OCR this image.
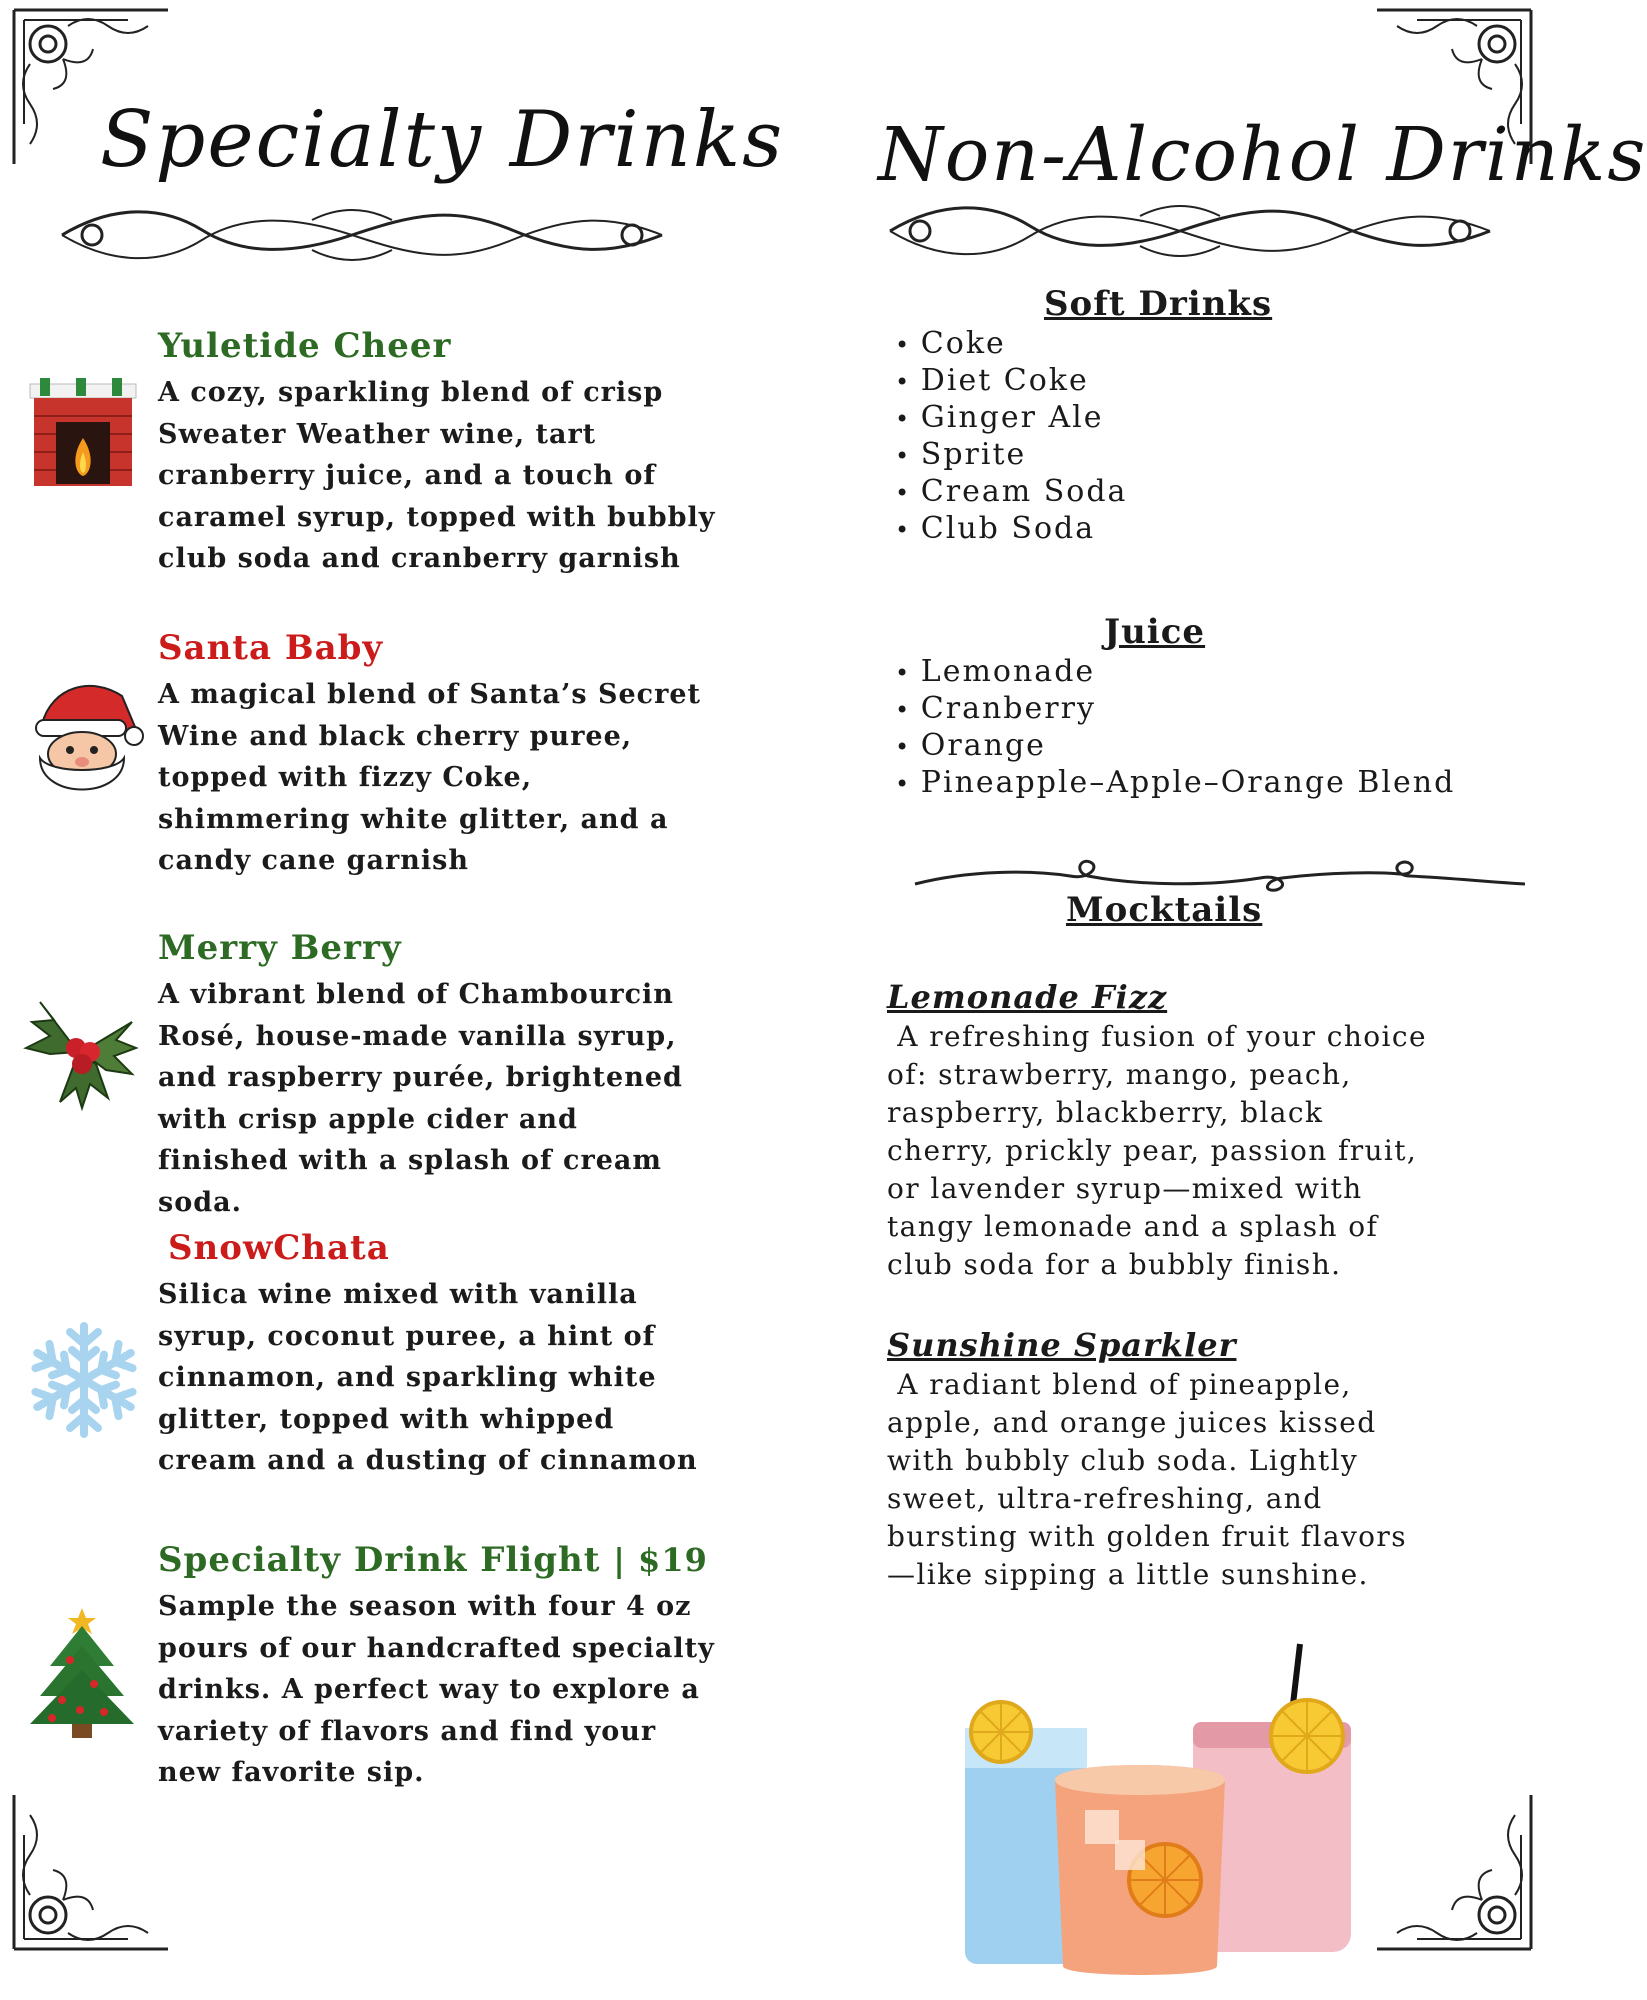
Specialty Drinks Non-Alcohol Drinks
Yuletide Cheer
A cozy, sparkling blend of crisp Sweater Weather wine, tart cranberry juice, and a touch of caramel syrup, topped with bubbly club soda and cranberry garnish
Santa Baby
A magical blend of Santa’s Secret Wine and black cherry puree, topped with fizzy Coke, shimmering white glitter, and a candy cane garnish
Merry Berry
A vibrant blend of Chambourcin Rosé, house-made vanilla syrup, and raspberry purée, brightened with crisp apple cider and finished with a splash of cream soda.
SnowChata
Silica wine mixed with vanilla syrup, coconut puree, a hint of cinnamon, and sparkling white glitter, topped with whipped cream and a dusting of cinnamon
Specialty Drink Flight | $19
Sample the season with four 4 oz pours of our handcrafted specialty drinks. A perfect way to explore a variety of flavors and find your new favorite sip.
Soft Drinks
• Coke
• Diet Coke
• Ginger Ale
• Sprite
• Cream Soda
• Club Soda
Juice
• Lemonade
• Cranberry
• Orange
• Pineapple–Apple–Orange Blend
Mocktails
Lemonade Fizz
A refreshing fusion of your choice
of: strawberry, mango, peach,
raspberry, blackberry, black
cherry, prickly pear, passion fruit,
or lavender syrup—mixed with
tangy lemonade and a splash of
club soda for a bubbly finish.
Sunshine Sparkler
A radiant blend of pineapple,
apple, and orange juices kissed
with bubbly club soda. Lightly
sweet, ultra-refreshing, and
bursting with golden fruit flavors
—like sipping a little sunshine.
